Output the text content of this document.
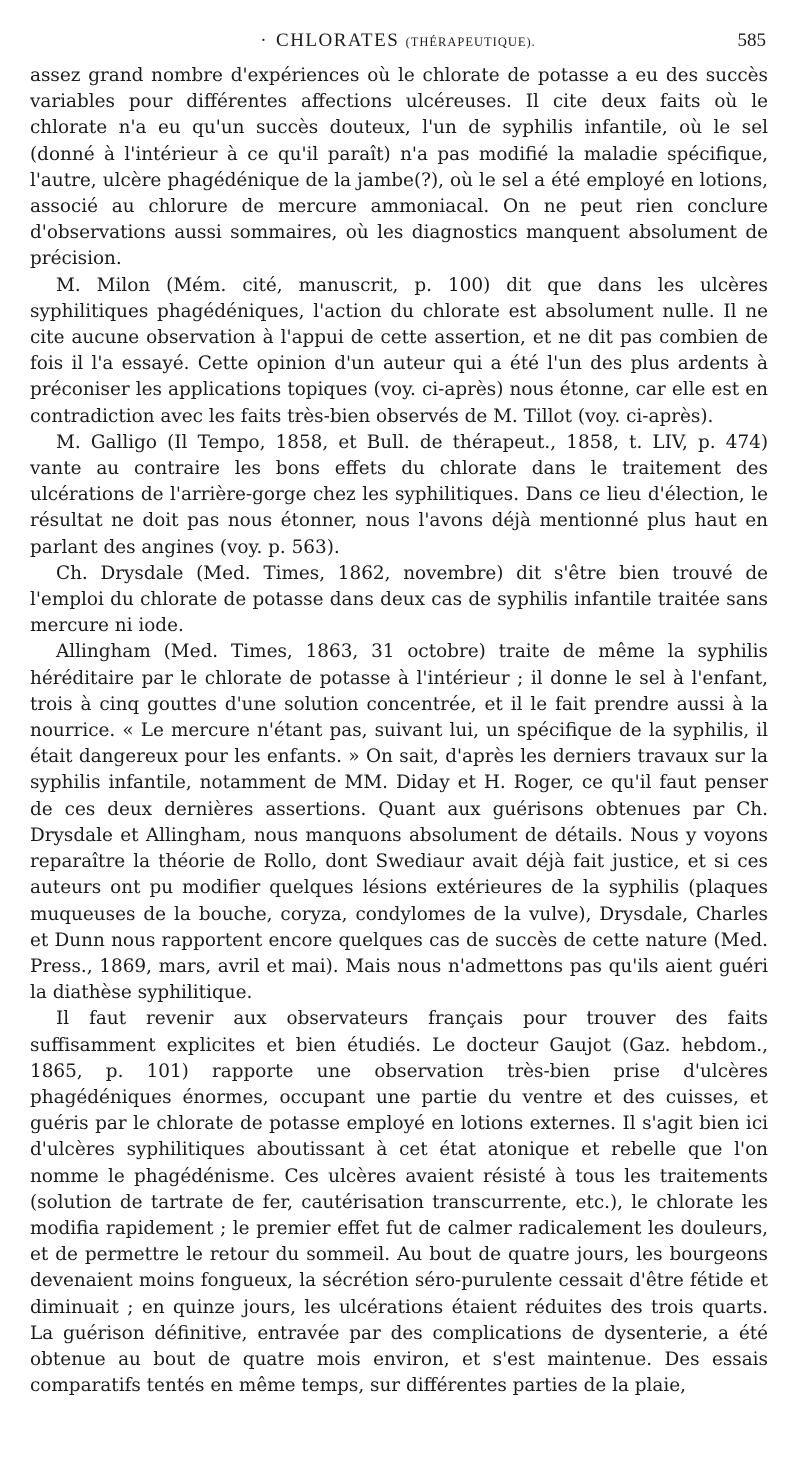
· CHLORATES (THÉRAPEUTIQUE).	585

assez grand nombre d'expériences où le chlorate de potasse a eu des succès variables pour différentes affections ulcéreuses. Il cite deux faits où le chlorate n'a eu qu'un succès douteux, l'un de syphilis infantile, où le sel (donné à l'intérieur à ce qu'il paraît) n'a pas modifié la maladie spécifique, l'autre, ulcère phagédénique de la jambe(?), où le sel a été employé en lotions, associé au chlorure de mercure ammoniacal. On ne peut rien conclure d'observations aussi sommaires, où les diagnostics manquent absolument de précision.

M. Milon (Mém. cité, manuscrit, p. 100) dit que dans les ulcères syphilitiques phagédéniques, l'action du chlorate est absolument nulle. Il ne cite aucune observation à l'appui de cette assertion, et ne dit pas combien de fois il l'a essayé. Cette opinion d'un auteur qui a été l'un des plus ardents à préconiser les applications topiques (voy. ci-après) nous étonne, car elle est en contradiction avec les faits très-bien observés de M. Tillot (voy. ci-après).

M. Galligo (Il Tempo, 1858, et Bull. de thérapeut., 1858, t. LIV, p. 474) vante au contraire les bons effets du chlorate dans le traitement des ulcérations de l'arrière-gorge chez les syphilitiques. Dans ce lieu d'élection, le résultat ne doit pas nous étonner, nous l'avons déjà mentionné plus haut en parlant des angines (voy. p. 563).

Ch. Drysdale (Med. Times, 1862, novembre) dit s'être bien trouvé de l'emploi du chlorate de potasse dans deux cas de syphilis infantile traitée sans mercure ni iode.

Allingham (Med. Times, 1863, 31 octobre) traite de même la syphilis héréditaire par le chlorate de potasse à l'intérieur ; il donne le sel à l'enfant, trois à cinq gouttes d'une solution concentrée, et il le fait prendre aussi à la nourrice. « Le mercure n'étant pas, suivant lui, un spécifique de la syphilis, il était dangereux pour les enfants. » On sait, d'après les derniers travaux sur la syphilis infantile, notamment de MM. Diday et H. Roger, ce qu'il faut penser de ces deux dernières assertions. Quant aux guérisons obtenues par Ch. Drysdale et Allingham, nous manquons absolument de détails. Nous y voyons reparaître la théorie de Rollo, dont Swediaur avait déjà fait justice, et si ces auteurs ont pu modifier quelques lésions extérieures de la syphilis (plaques muqueuses de la bouche, coryza, condylomes de la vulve), Drysdale, Charles et Dunn nous rapportent encore quelques cas de succès de cette nature (Med. Press., 1869, mars, avril et mai). Mais nous n'admettons pas qu'ils aient guéri la diathèse syphilitique.

Il faut revenir aux observateurs français pour trouver des faits suffisamment explicites et bien étudiés. Le docteur Gaujot (Gaz. hebdom., 1865, p. 101) rapporte une observation très-bien prise d'ulcères phagédéniques énormes, occupant une partie du ventre et des cuisses, et guéris par le chlorate de potasse employé en lotions externes. Il s'agit bien ici d'ulcères syphilitiques aboutissant à cet état atonique et rebelle que l'on nomme le phagédénisme. Ces ulcères avaient résisté à tous les traitements (solution de tartrate de fer, cautérisation transcurrente, etc.), le chlorate les modifia rapidement ; le premier effet fut de calmer radicalement les douleurs, et de permettre le retour du sommeil. Au bout de quatre jours, les bourgeons devenaient moins fongueux, la sécrétion séro-purulente cessait d'être fétide et diminuait ; en quinze jours, les ulcérations étaient réduites des trois quarts. La guérison définitive, entravée par des complications de dysenterie, a été obtenue au bout de quatre mois environ, et s'est maintenue. Des essais comparatifs tentés en même temps, sur différentes parties de la plaie,
